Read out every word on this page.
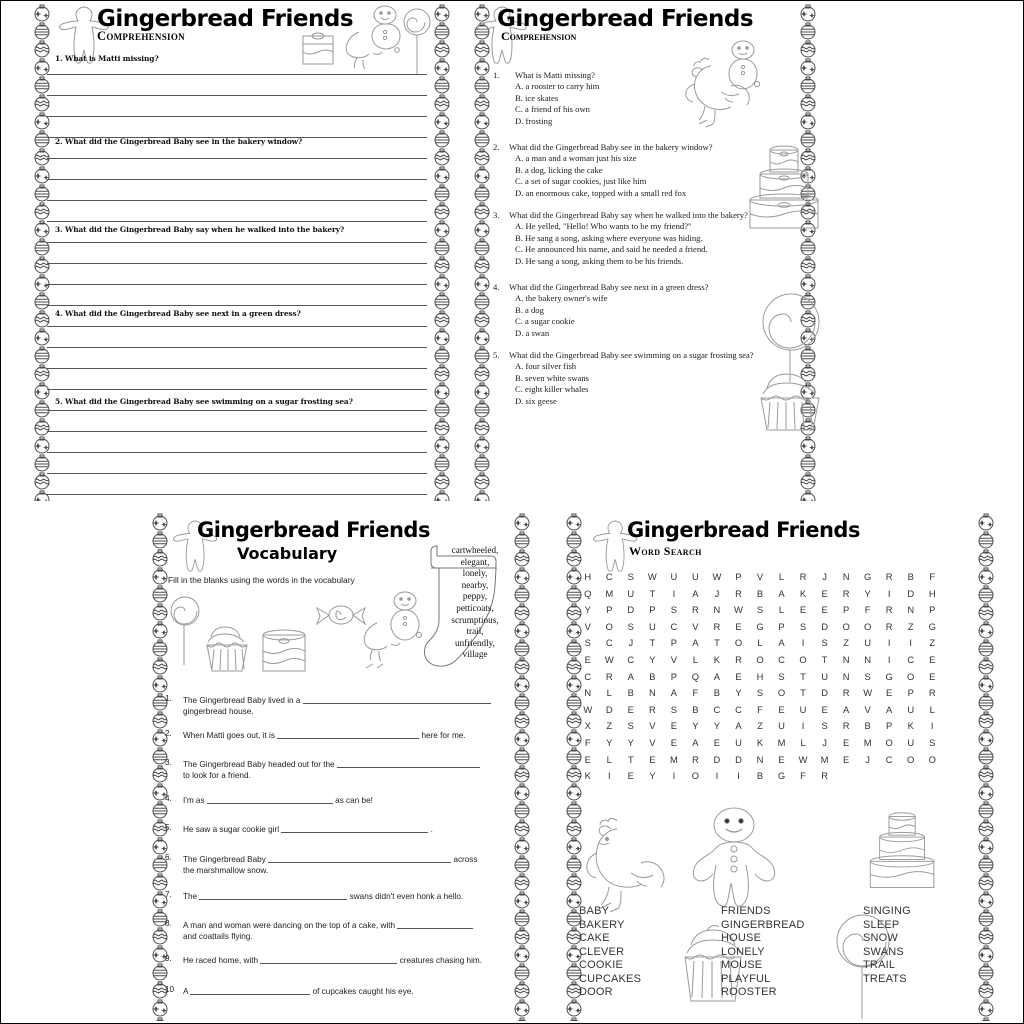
Gingerbread Friends
Comprehension
1. What is Matti missing?
2. What did the Gingerbread Baby see in the bakery window?
3. What did the Gingerbread Baby say when he walked into the bakery?
4. What did the Gingerbread Baby see next in a green dress?
5. What did the Gingerbread Baby see swimming on a sugar frosting sea?
Gingerbread Friends
Comprehension
1.	What is Matti missing?
A. a rooster to carry him
B. ice skates
C. a friend of his own
D. frosting
2.	What did the Gingerbread Baby see in the bakery window?
A. a man and a woman just his size
B. a dog, licking the cake
C. a set of sugar cookies, just like him
D. an enormous cake, topped with a small red fox
3.	What did the Gingerbread Baby say when he walked into the bakery?
A. He yelled, "Hello! Who wants to be my friend?"
B. He sang a song, asking where everyone was hiding.
C. He announced his name, and said he needed a friend.
D. He sang a song, asking them to be his friends.
4.	What did the Gingerbread Baby see next in a green dress?
A. the bakery owner's wife
B. a dog
C. a sugar cookie
D. a swan
5.	What did the Gingerbread Baby see swimming on a sugar frosting sea?
A. four silver fish
B. seven white swans
C. eight killer whales
D. six geese
Gingerbread Friends
Vocabulary
Fill in the blanks using the words in the vocabulary
cartwheeled,
elegant,
lonely,
nearby,
peppy,
petticoats,
scrumptious,
trail,
unfriendly,
village
1. The Gingerbread Baby lived in a
gingerbread house.
2. When Matti goes out, it is	here for me.
3. The Gingerbread Baby headed out for the
to look for a friend.
4. I'm as	as can be!
5. He saw a sugar cookie girl	.
6. The Gingerbread Baby	across
the marshmallow snow.
7. The	swans didn't even honk a hello.
8. A man and woman were dancing on the top of a cake, with
and coattails flying.
9. He raced home, with	creatures chasing him.
10 A	of cupcakes caught his eye.
Gingerbread Friends
Word Search
H	C	S	W	U	U	W	P	V	L	R	J	N	G	R	B	F
Q	M	U	T	I	A	J	R	B	A	K	E	R	Y	I	D	H
Y	P	D	P	S	R	N	W	S	L	E	E	P	F	R	N	P
V	O	S	U	C	V	R	E	G	P	S	D	O	O	R	Z	G
S	C	J	T	P	A	T	O	L	A	I	S	Z	U	I	I	Z
E	W	C	Y	V	L	K	R	O	C	O	T	N	N	I	C	E
C	R	A	B	P	Q	A	E	H	S	T	U	N	S	G	O	E
N	L	B	N	A	F	B	Y	S	O	T	D	R	W	E	P	R
W	D	E	R	S	B	C	C	F	E	U	E	A	V	A	U	L
X	Z	S	V	E	Y	Y	A	Z	U	I	S	R	B	P	K	I
F	Y	Y	V	E	A	E	U	K	M	L	J	E	M	O	U	S
E	L	T	E	M	R	D	D	N	E	W	M	E	J	C	O	O
K	I	E	Y	I	O	I	I	B	G	F	R
BABY
BAKERY
CAKE
CLEVER
COOKIE
CUPCAKES
DOOR
FRIENDS
GINGERBREAD
HOUSE
LONELY
MOUSE
PLAYFUL
ROOSTER
SINGING
SLEEP
SNOW
SWANS
TRAIL
TREATS
